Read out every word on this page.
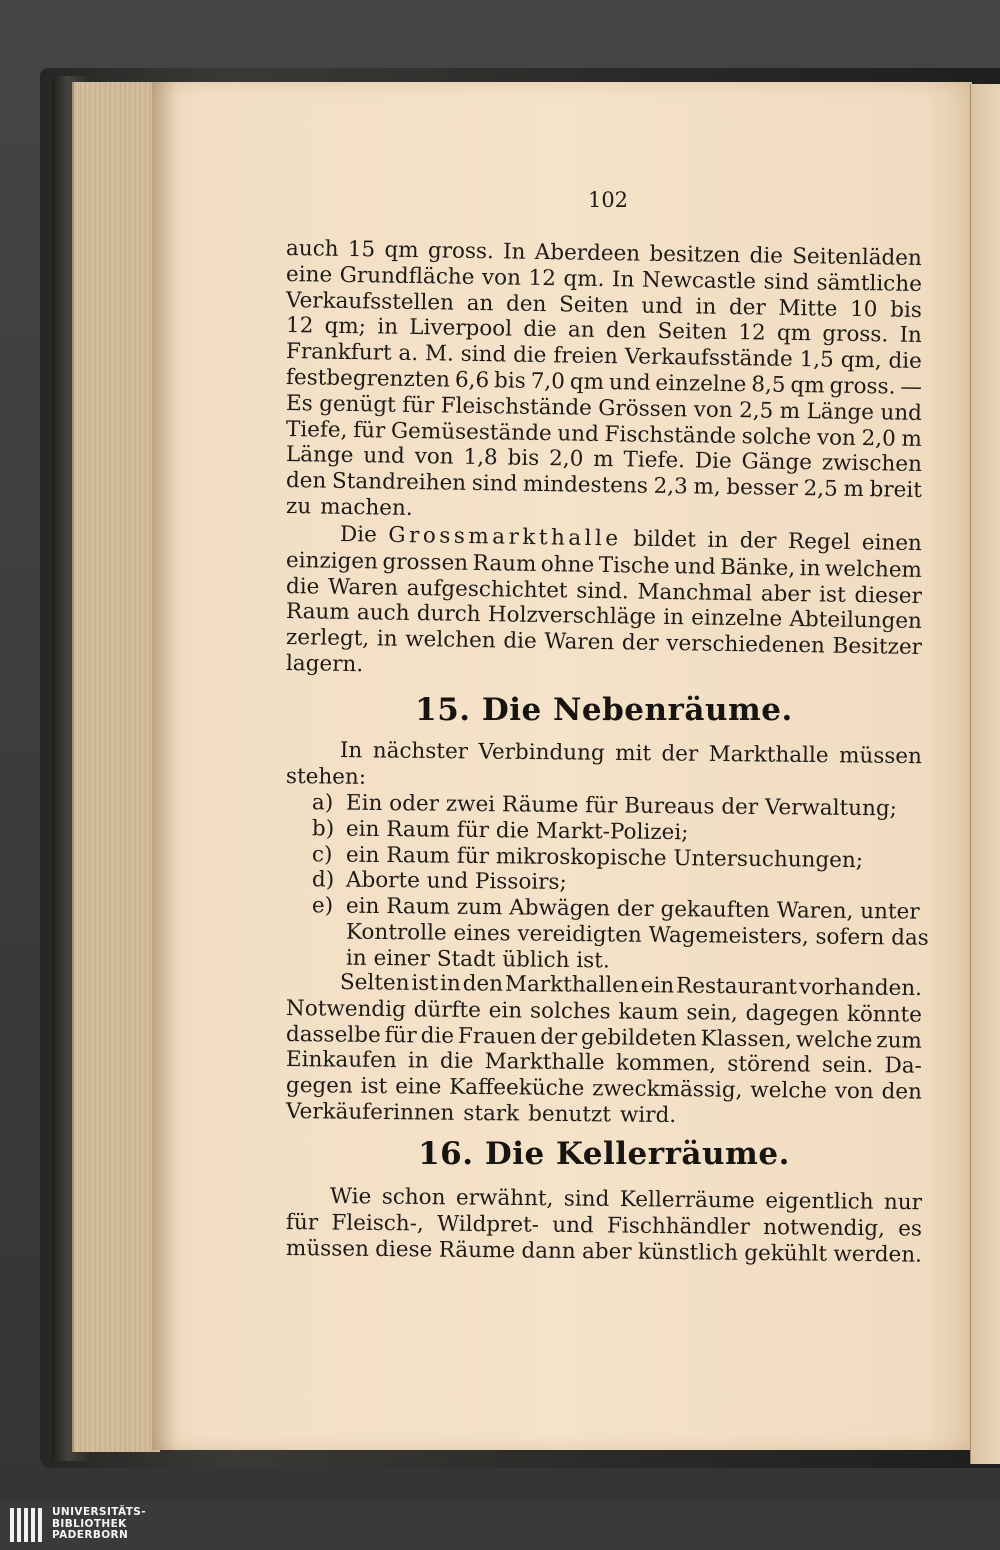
102
auch 15 qm gross. In Aberdeen besitzen die Seitenläden
eine Grundfläche von 12 qm. In Newcastle sind sämtliche
Verkaufsstellen an den Seiten und in der Mitte 10 bis
12 qm; in Liverpool die an den Seiten 12 qm gross. In
Frankfurt a. M. sind die freien Verkaufsstände 1,5 qm, die
festbegrenzten 6,6 bis 7,0 qm und einzelne 8,5 qm gross. —
Es genügt für Fleischstände Grössen von 2,5 m Länge und
Tiefe, für Gemüsestände und Fischstände solche von 2,0 m
Länge und von 1,8 bis 2,0 m Tiefe. Die Gänge zwischen
den Standreihen sind mindestens 2,3 m, besser 2,5 m breit
zu machen.
Die Grossmarkthalle bildet in der Regel einen
einzigen grossen Raum ohne Tische und Bänke, in welchem
die Waren aufgeschichtet sind. Manchmal aber ist dieser
Raum auch durch Holzverschläge in einzelne Abteilungen
zerlegt, in welchen die Waren der verschiedenen Besitzer
lagern.
15. Die Nebenräume.
In nächster Verbindung mit der Markthalle müssen
stehen:
a) Ein oder zwei Räume für Bureaus der Verwaltung;
b) ein Raum für die Markt-Polizei;
c) ein Raum für mikroskopische Untersuchungen;
d) Aborte und Pissoirs;
e) ein Raum zum Abwägen der gekauften Waren, unter
Kontrolle eines vereidigten Wagemeisters, sofern das
in einer Stadt üblich ist.
Selten ist in den Markthallen ein Restaurant vorhanden.
Notwendig dürfte ein solches kaum sein, dagegen könnte
dasselbe für die Frauen der gebildeten Klassen, welche zum
Einkaufen in die Markthalle kommen, störend sein. Da-
gegen ist eine Kaffeeküche zweckmässig, welche von den
Verkäuferinnen stark benutzt wird.
16. Die Kellerräume.
Wie schon erwähnt, sind Kellerräume eigentlich nur
für Fleisch-, Wildpret- und Fischhändler notwendig, es
müssen diese Räume dann aber künstlich gekühlt werden.
UNIVERSITÄTS-
BIBLIOTHEK
PADERBORN
